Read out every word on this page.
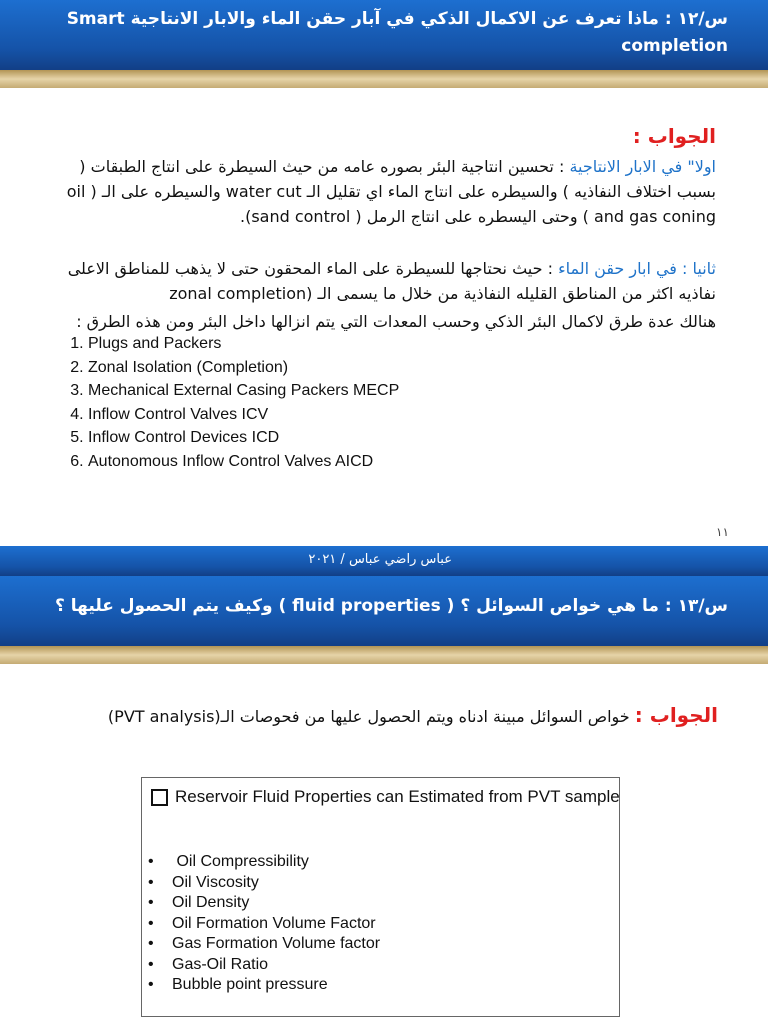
س/١٢ : ماذا تعرف عن الاكمال الذكي في آبار حقن الماء والابار الانتاجية Smart completion
الجواب :
اولا" في الابار الانتاجية : تحسين انتاجية البئر بصوره عامه من حيث السيطرة على انتاج الطبقات ( بسبب اختلاف النفاذيه ) والسيطره على انتاج الماء اي تقليل الـ water cut والسيطره على الـ ( oil and gas coning ) وحتى اليسطره على انتاج الرمل ( sand control).
ثانيا : في ابار حقن الماء : حيث نحتاجها للسيطرة على الماء المحقون حتى لا يذهب للمناطق الاعلى نفاذيه اكثر من المناطق القليله النفاذية من خلال ما يسمى الـ (zonal completion
هنالك عدة طرق لاكمال البئر الذكي وحسب المعدات التي يتم انزالها داخل البئر ومن هذه الطرق :
1. Plugs and Packers
2. Zonal Isolation (Completion)
3. Mechanical External Casing Packers MECP
4. Inflow Control Valves ICV
5. Inflow Control Devices ICD
6. Autonomous Inflow Control Valves AICD
١١
عباس راضي عباس / ٢٠٢١
س/١٣ : ما هي خواص السوائل ؟ ( fluid properties ) وكيف يتم الحصول عليها ؟
الجواب : خواص السوائل مبينة ادناه ويتم الحصول عليها من فحوصات الـ(PVT analysis)
Reservoir Fluid Properties can Estimated from PVT sample
• Oil Compressibility
• Oil Viscosity
• Oil Density
• Oil Formation Volume Factor
• Gas Formation Volume factor
• Gas-Oil Ratio
• Bubble point pressure
